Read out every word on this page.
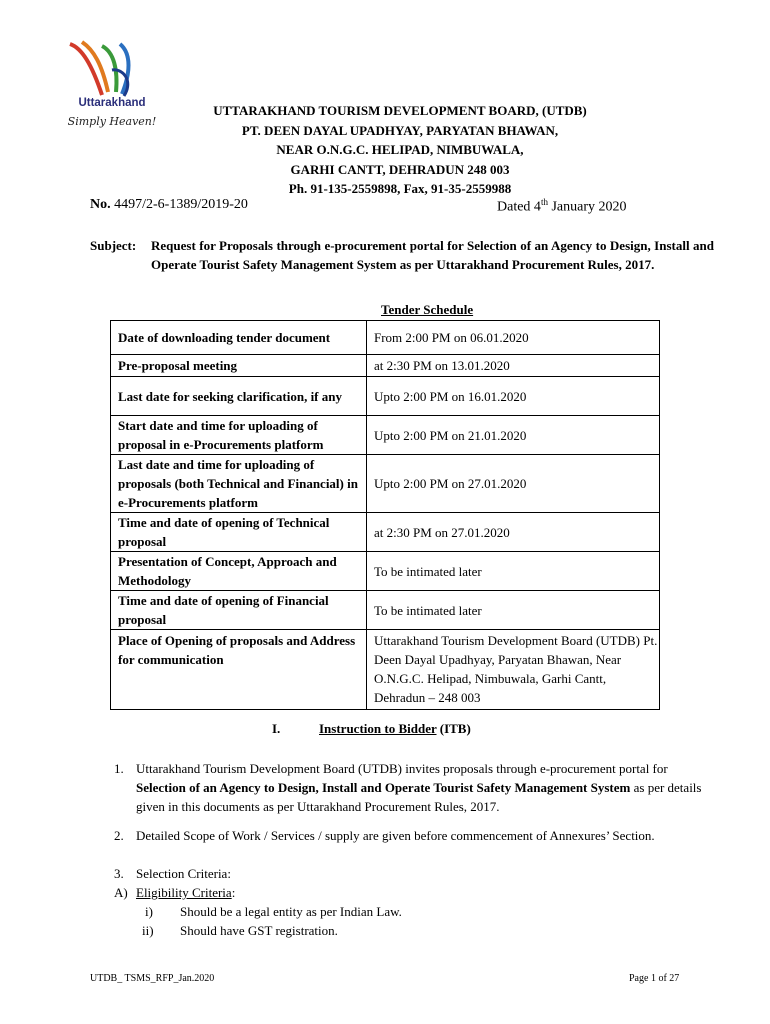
Uttarakhand
Simply Heaven!
UTTARAKHAND TOURISM DEVELOPMENT BOARD, (UTDB)
PT. DEEN DAYAL UPADHYAY, PARYATAN BHAWAN,
NEAR O.N.G.C. HELIPAD, NIMBUWALA,
GARHI CANTT, DEHRADUN 248 003
Ph. 91-135-2559898, Fax, 91-35-2559988
No. 4497/2-6-1389/2019-20	Dated 4th January 2020
Subject: Request for Proposals through e-procurement portal for Selection of an Agency to Design, Install and Operate Tourist Safety Management System as per Uttarakhand Procurement Rules, 2017.
Tender Schedule
Date of downloading tender document	From 2:00 PM on 06.01.2020
Pre-proposal meeting	at 2:30 PM on 13.01.2020
Last date for seeking clarification, if any	Upto 2:00 PM on 16.01.2020
Start date and time for uploading of proposal in e-Procurements platform	Upto 2:00 PM on 21.01.2020
Last date and time for uploading of proposals (both Technical and Financial) in e-Procurements platform	Upto 2:00 PM on 27.01.2020
Time and date of opening of Technical proposal	at 2:30 PM on 27.01.2020
Presentation of Concept, Approach and Methodology	To be intimated later
Time and date of opening of Financial proposal	To be intimated later
Place of Opening of proposals and Address for communication	Uttarakhand Tourism Development Board (UTDB) Pt. Deen Dayal Upadhyay, Paryatan Bhawan, Near O.N.G.C. Helipad, Nimbuwala, Garhi Cantt, Dehradun – 248 003
I.	Instruction to Bidder (ITB)
1. Uttarakhand Tourism Development Board (UTDB) invites proposals through e-procurement portal for Selection of an Agency to Design, Install and Operate Tourist Safety Management System as per details given in this documents as per Uttarakhand Procurement Rules, 2017.
2. Detailed Scope of Work / Services / supply are given before commencement of Annexures’ Section.
3. Selection Criteria:
A) Eligibility Criteria:
i) Should be a legal entity as per Indian Law.
ii) Should have GST registration.
UTDB_ TSMS_RFP_Jan.2020	Page 1 of 27
